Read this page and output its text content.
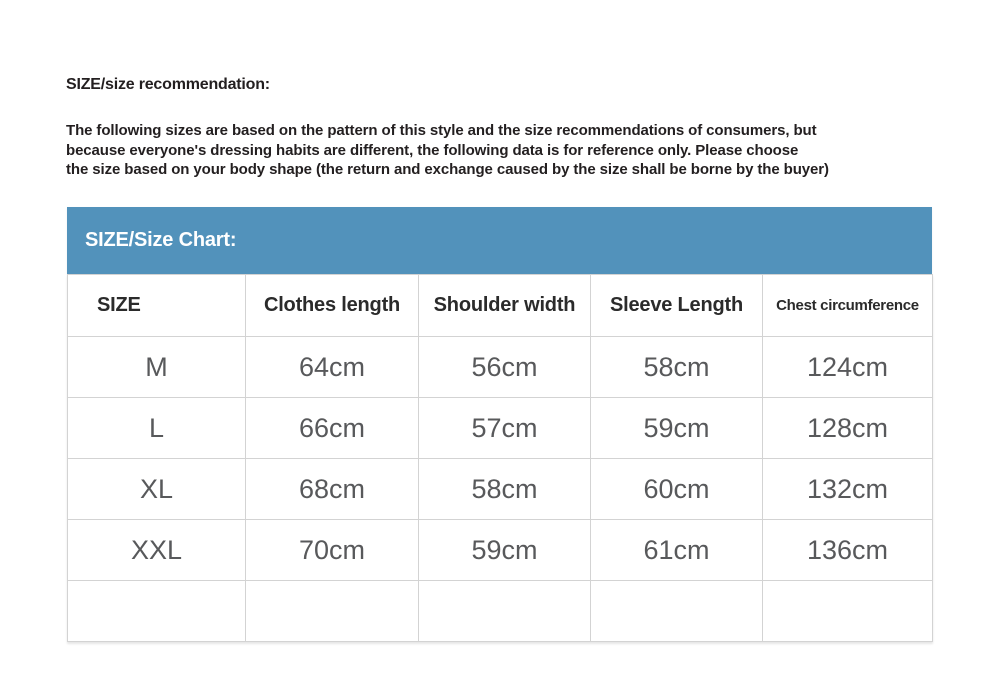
SIZE/size recommendation:
The following sizes are based on the pattern of this style and the size recommendations of consumers, but
because everyone's dressing habits are different, the following data is for reference only. Please choose
the size based on your body shape (the return and exchange caused by the size shall be borne by the buyer)
SIZE/Size Chart:
SIZE	Clothes length	Shoulder width	Sleeve Length	Chest circumference
M	64cm	56cm	58cm	124cm
L	66cm	57cm	59cm	128cm
XL	68cm	58cm	60cm	132cm
XXL	70cm	59cm	61cm	136cm
